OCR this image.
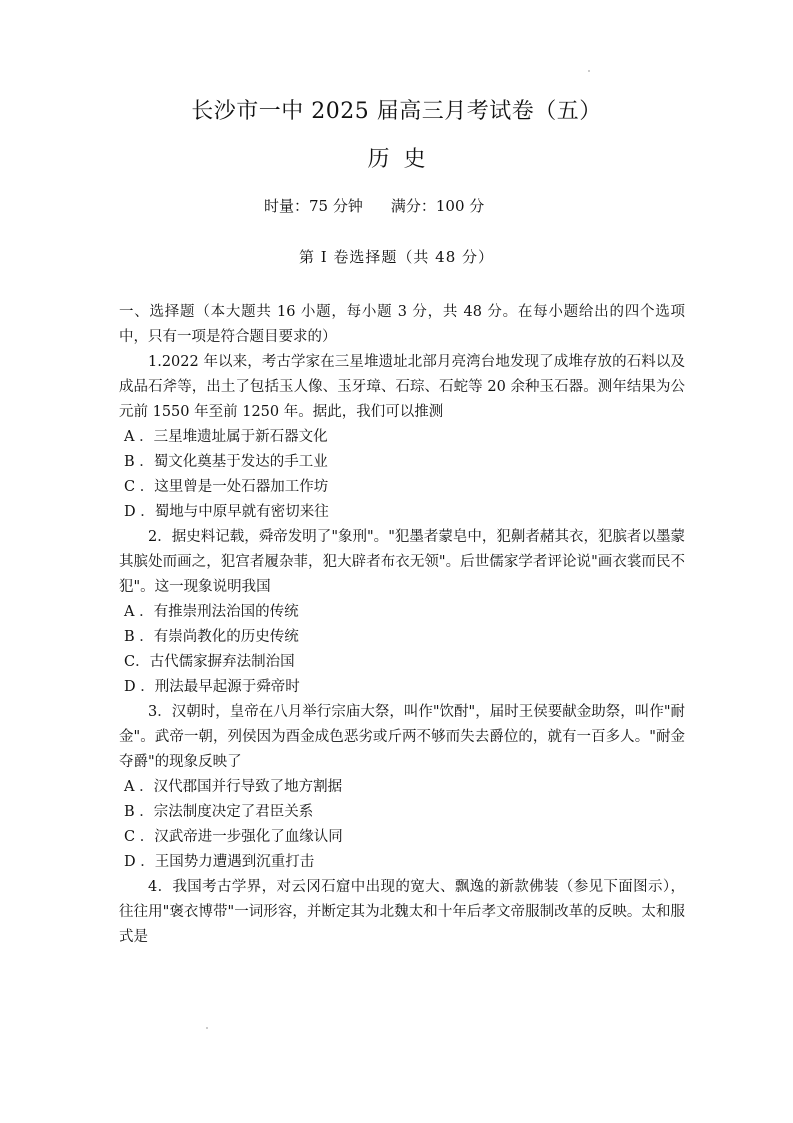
长沙市一中 2025 届高三月考试卷（五）
历史
时量：75 分钟 满分：100 分
第 I 卷选择题（共 48 分）

一、选择题（本大题共 16 小题，每小题 3 分，共 48 分。在每小题给出的四个选项中，只有一项是符合题目要求的）

1.2022 年以来，考古学家在三星堆遗址北部月亮湾台地发现了成堆存放的石料以及成品石斧等，出土了包括玉人像、玉牙璋、石琮、石蛇等 20 余种玉石器。测年结果为公元前 1550 年至前 1250 年。据此，我们可以推测

A ．三星堆遗址属于新石器文化

B ．蜀文化奠基于发达的手工业

C ．这里曾是一处石器加工作坊

D ．蜀地与中原早就有密切来往

2．据史料记载，舜帝发明了"象刑"。"犯墨者蒙皂中，犯劓者赭其衣，犯膑者以墨蒙其膑处而画之，犯宫者履杂菲，犯大辟者布衣无领"。后世儒家学者评论说"画衣裳而民不犯"。这一现象说明我国

A ．有推崇刑法治国的传统

B ．有崇尚教化的历史传统

C．古代儒家摒弃法制治国

D ．刑法最早起源于舜帝时

3．汉朝时，皇帝在八月举行宗庙大祭，叫作"饮酎"，届时王侯要献金助祭，叫作"耐金"。武帝一朝，列侯因为酉金成色恶劣或斤两不够而失去爵位的，就有一百多人。"耐金夺爵"的现象反映了

A ．汉代郡国并行导致了地方割据

B ．宗法制度决定了君臣关系

C ．汉武帝进一步强化了血缘认同

D ．王国势力遭遇到沉重打击

4．我国考古学界，对云冈石窟中出现的宽大、飘逸的新款佛装（参见下面图示），往往用"褒衣博带"一词形容，并断定其为北魏太和十年后孝文帝服制改革的反映。太和服式是
